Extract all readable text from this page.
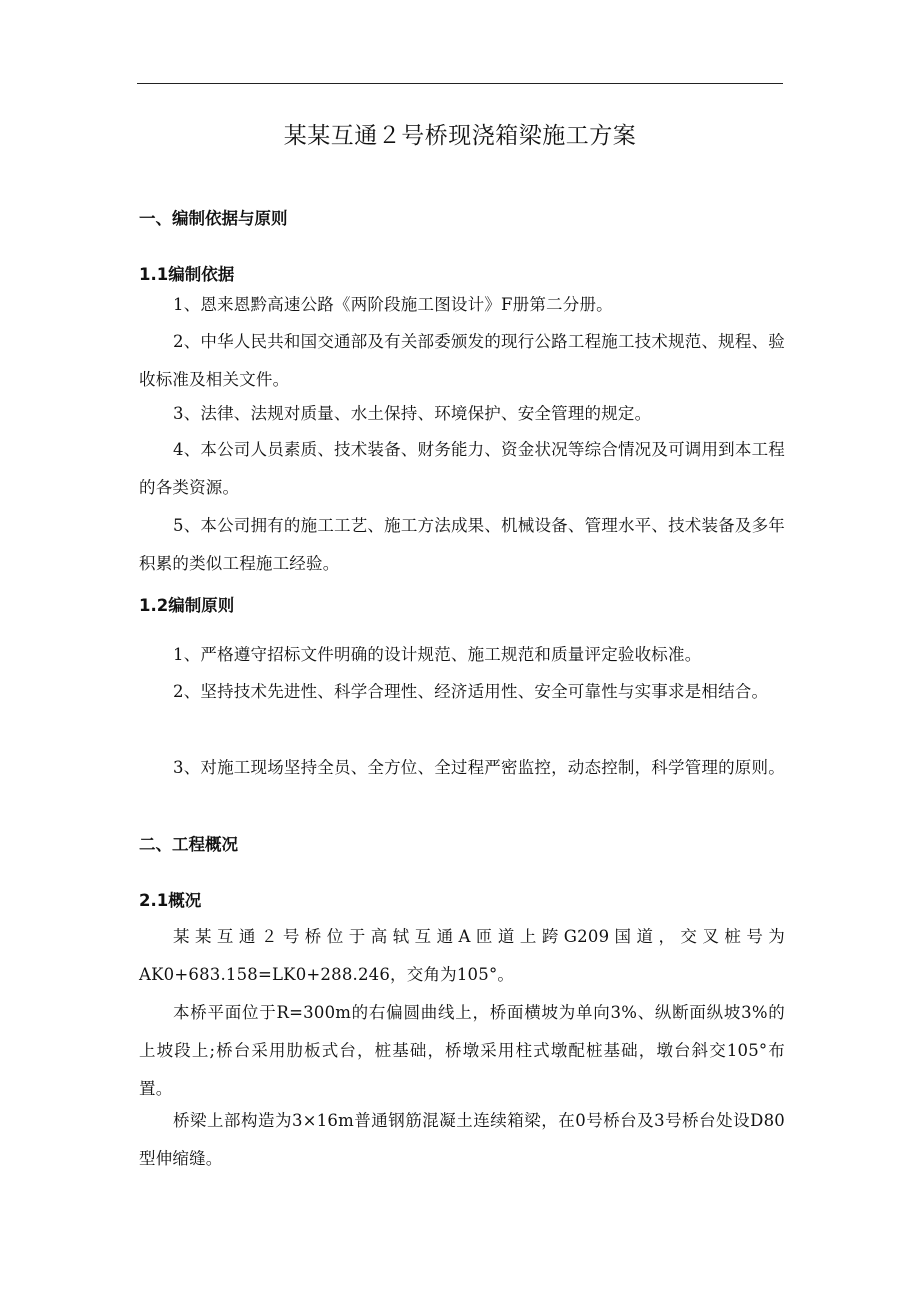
某某互通２号桥现浇箱梁施工方案
一、编制依据与原则
1.1编制依据

1、恩来恩黔高速公路《两阶段施工图设计》F册第二分册。

2、中华人民共和国交通部及有关部委颁发的现行公路工程施工技术规范、规程、验收标准及相关文件。

3、法律、法规对质量、水土保持、环境保护、安全管理的规定。

4、本公司人员素质、技术装备、财务能力、资金状况等综合情况及可调用到本工程的各类资源。

5、本公司拥有的施工工艺、施工方法成果、机械设备、管理水平、技术装备及多年积累的类似工程施工经验。

1.2编制原则

1、严格遵守招标文件明确的设计规范、施工规范和质量评定验收标准。

2、坚持技术先进性、科学合理性、经济适用性、安全可靠性与实事求是相结合。

3、对施工现场坚持全员、全方位、全过程严密监控，动态控制，科学管理的原则。

二、工程概况
2.1概况

某某互通２号桥位于高轼互通A匝道上跨G209国道，交叉桩号为AK0+683.158=LK0+288.246，交角为105°。

本桥平面位于R=300m的右偏圆曲线上，桥面横坡为单向3%、纵断面纵坡3%的上坡段上;桥台采用肋板式台，桩基础，桥墩采用柱式墩配桩基础，墩台斜交105°布置。

桥梁上部构造为3×16m普通钢筋混凝土连续箱梁，在0号桥台及3号桥台处设D80型伸缩缝。
